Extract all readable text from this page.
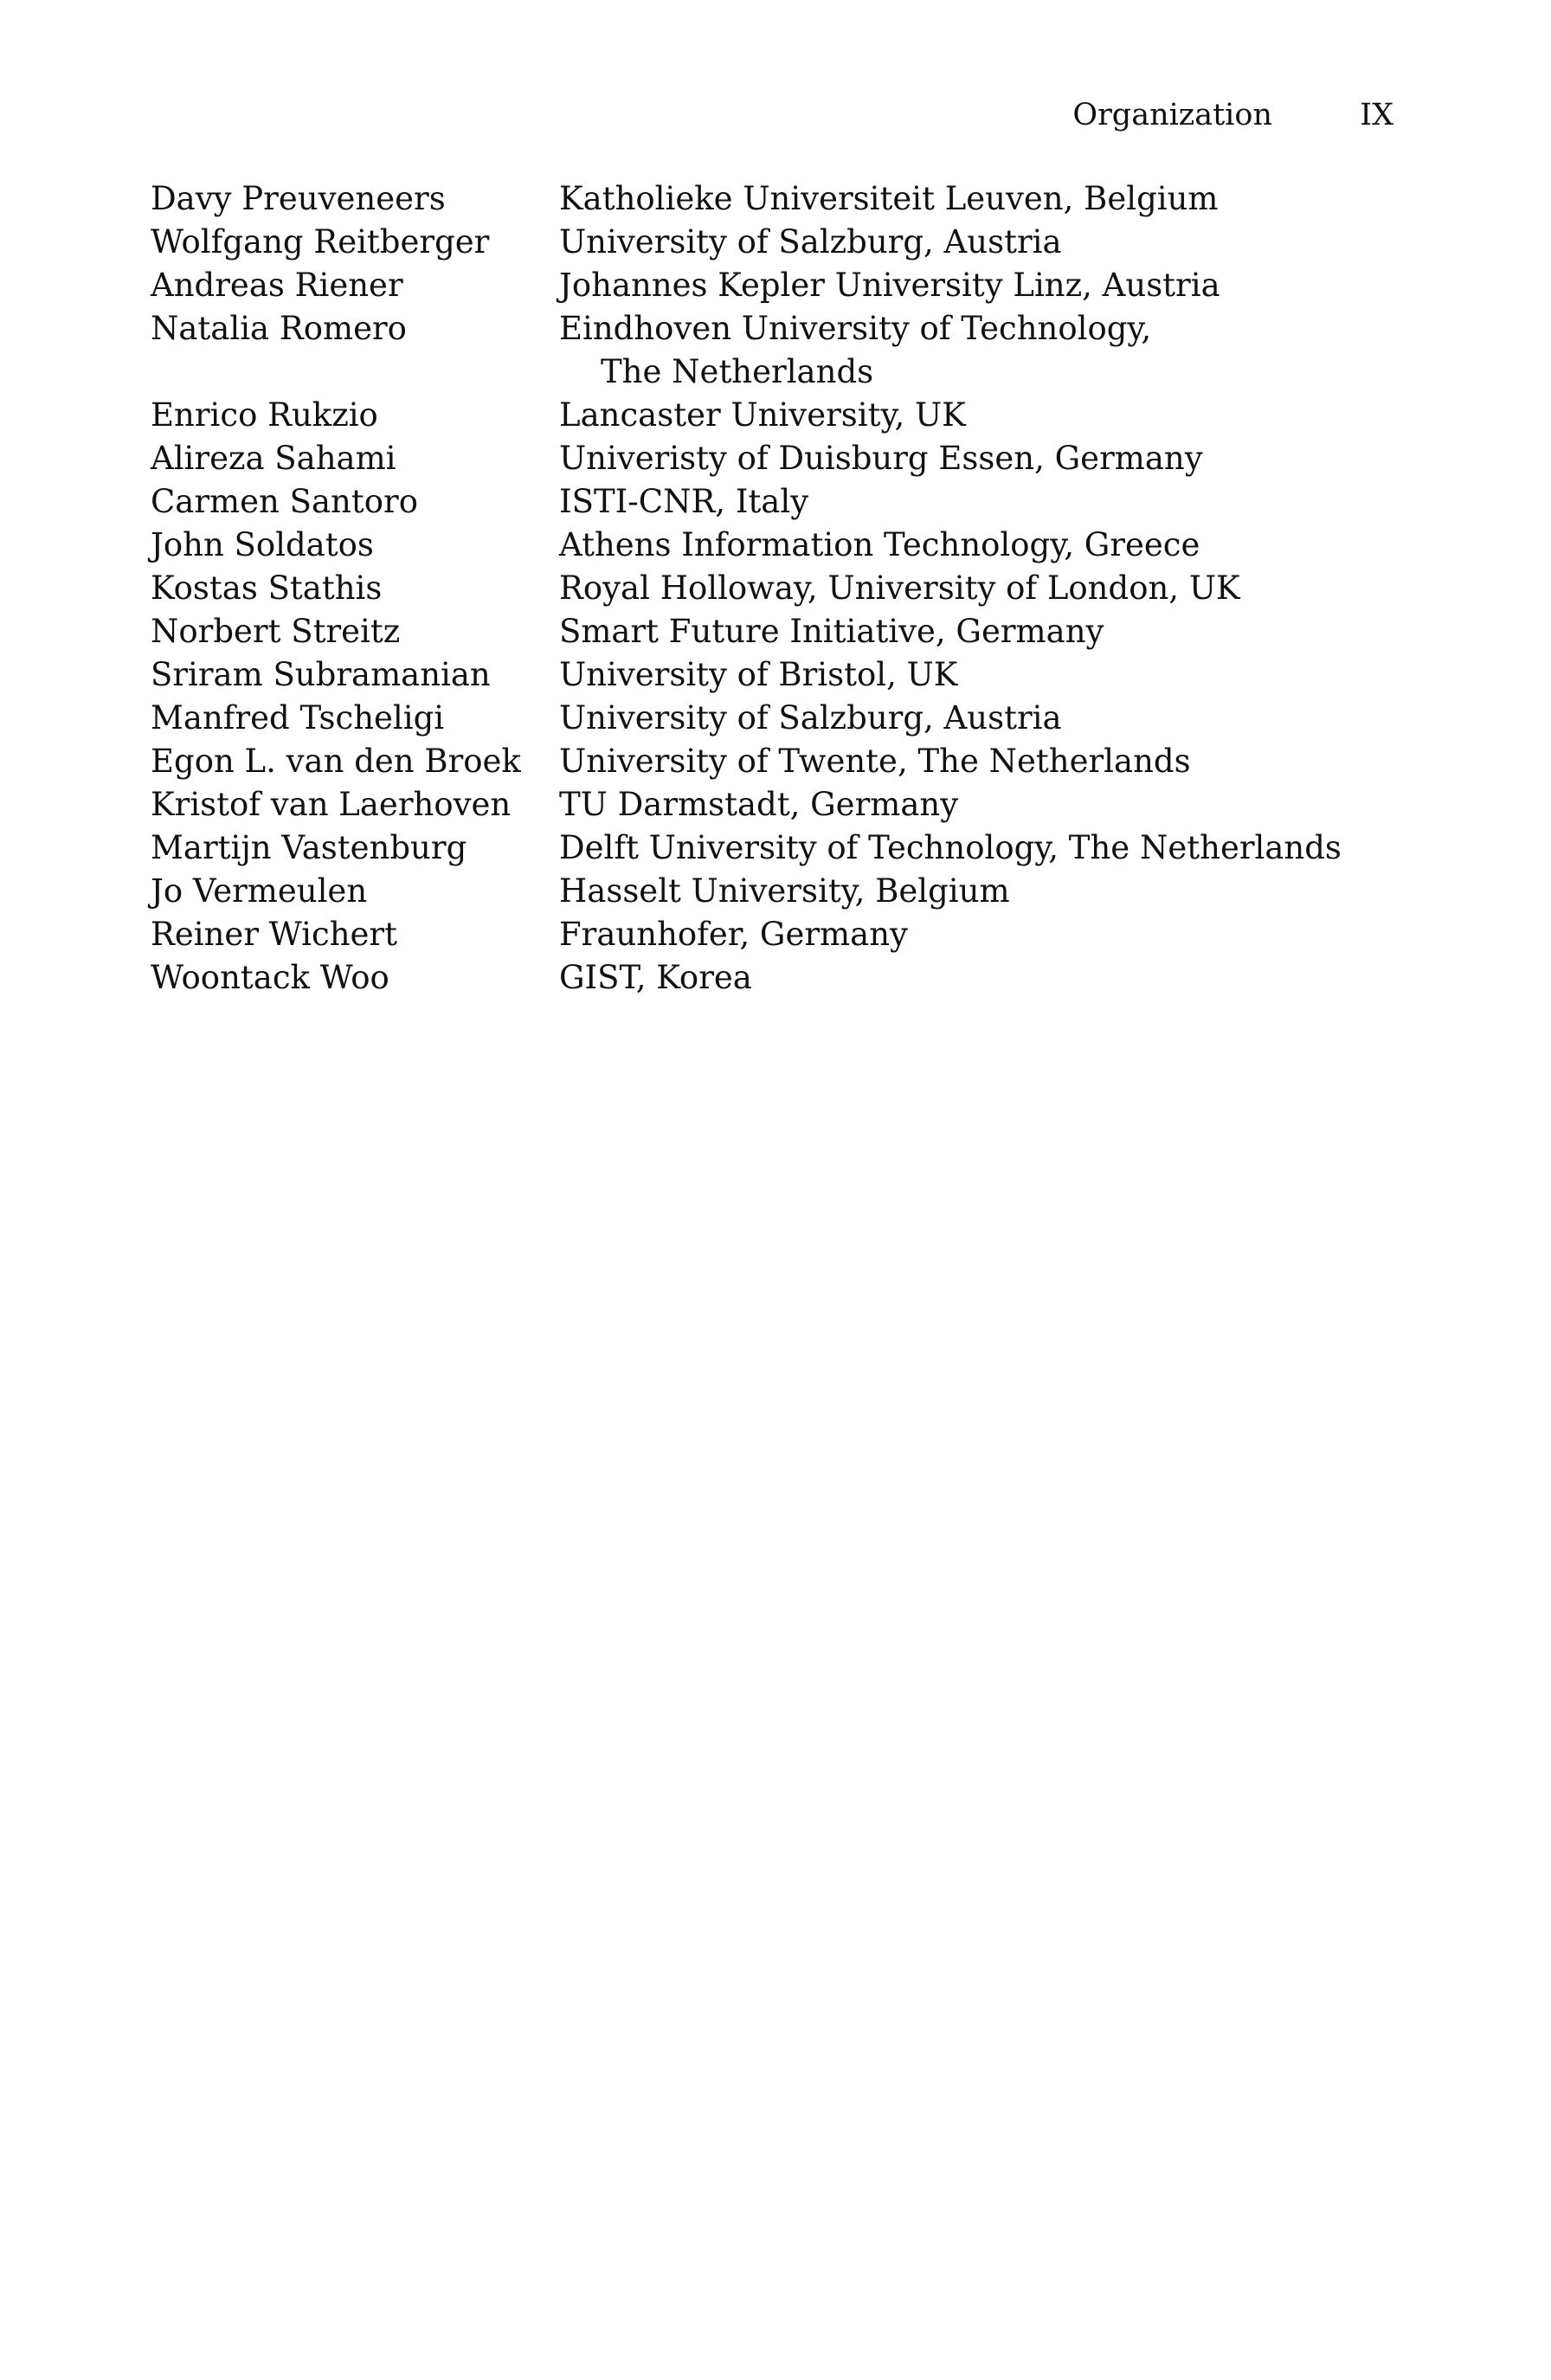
Organization	IX
Davy Preuveneers	Katholieke Universiteit Leuven, Belgium
Wolfgang Reitberger	University of Salzburg, Austria
Andreas Riener	Johannes Kepler University Linz, Austria
Natalia Romero	Eindhoven University of Technology,
The Netherlands
Enrico Rukzio	Lancaster University, UK
Alireza Sahami	Univeristy of Duisburg Essen, Germany
Carmen Santoro	ISTI-CNR, Italy
John Soldatos	Athens Information Technology, Greece
Kostas Stathis	Royal Holloway, University of London, UK
Norbert Streitz	Smart Future Initiative, Germany
Sriram Subramanian	University of Bristol, UK
Manfred Tscheligi	University of Salzburg, Austria
Egon L. van den Broek	University of Twente, The Netherlands
Kristof van Laerhoven	TU Darmstadt, Germany
Martijn Vastenburg	Delft University of Technology, The Netherlands
Jo Vermeulen	Hasselt University, Belgium
Reiner Wichert	Fraunhofer, Germany
Woontack Woo	GIST, Korea
